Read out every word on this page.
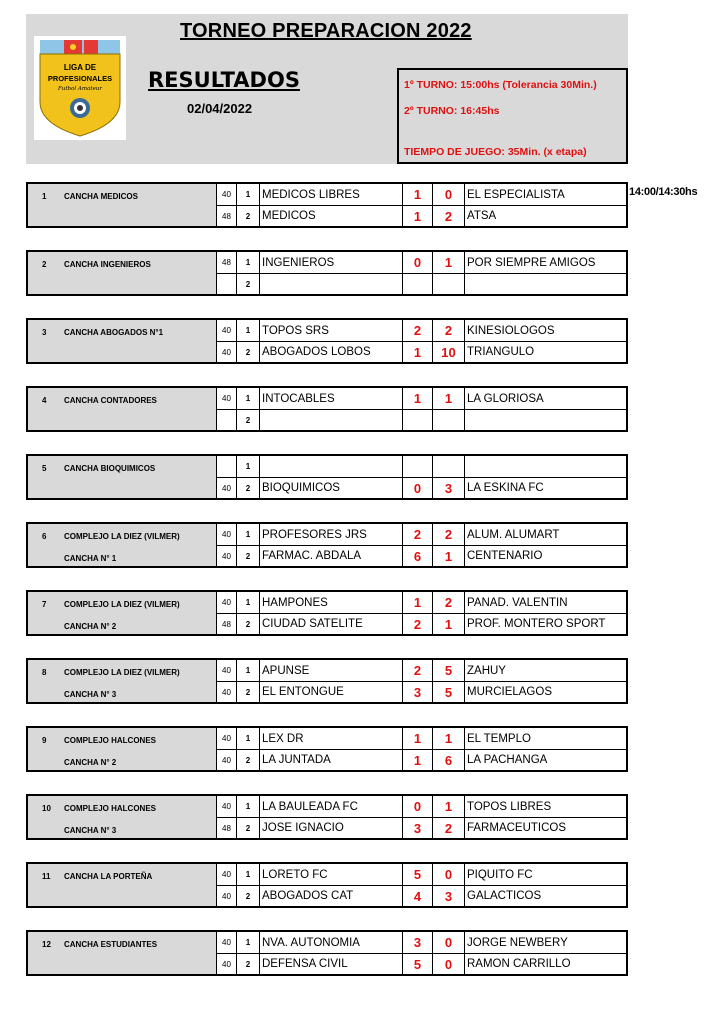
LIGA DE
PROFESIONALES
Futbol Amateur
TORNEO PREPARACION 2022
RESULTADOS
02/04/2022
1º TURNO: 15:00hs (Tolerancia 30Min.)
2º TURNO: 16:45hs
TIEMPO DE JUEGO: 35Min. (x etapa)
14:00/14:30hs
1 CANCHA MEDICOS	40	1	MEDICOS LIBRES	1	0	EL ESPECIALISTA
48	2	MEDICOS	1	2	ATSA
2 CANCHA INGENIEROS	48	1	INGENIEROS	0	1	POR SIEMPRE AMIGOS
2
3 CANCHA ABOGADOS N°1	40	1	TOPOS SRS	2	2	KINESIOLOGOS
40	2	ABOGADOS LOBOS	1	10 TRIANGULO
4 CANCHA CONTADORES	40	1	INTOCABLES	1	1	LA GLORIOSA
2
5 CANCHA BIOQUIMICOS	1
40	2	BIOQUIMICOS	0	3	LA ESKINA FC
6 COMPLEJO LA DIEZ (VILMER)
CANCHA N° 1
40	1	PROFESORES JRS	2	2	ALUM. ALUMART
40	2	FARMAC. ABDALA	6	1	CENTENARIO
7 COMPLEJO LA DIEZ (VILMER)
CANCHA N° 2
40	1	HAMPONES	1	2	PANAD. VALENTIN
48	2	CIUDAD SATELITE	2	1	PROF. MONTERO SPORT
8 COMPLEJO LA DIEZ (VILMER)
CANCHA N° 3
40	1	APUNSE	2	5	ZAHUY
40	2	EL ENTONGUE	3	5	MURCIELAGOS
9 COMPLEJO HALCONES
CANCHA N° 2
40	1	LEX DR	1	1	EL TEMPLO
40	2	LA JUNTADA	1	6	LA PACHANGA
10 COMPLEJO HALCONES
CANCHA N° 3
40	1	LA BAULEADA FC	0	1	TOPOS LIBRES
48	2	JOSE IGNACIO	3	2	FARMACEUTICOS
11 CANCHA LA PORTEÑA	40	1	LORETO FC	5	0	PIQUITO FC
40	2	ABOGADOS CAT	4	3	GALACTICOS
12 CANCHA ESTUDIANTES	40	1	NVA. AUTONOMIA	3	0	JORGE NEWBERY
40	2	DEFENSA CIVIL	5	0	RAMON CARRILLO
